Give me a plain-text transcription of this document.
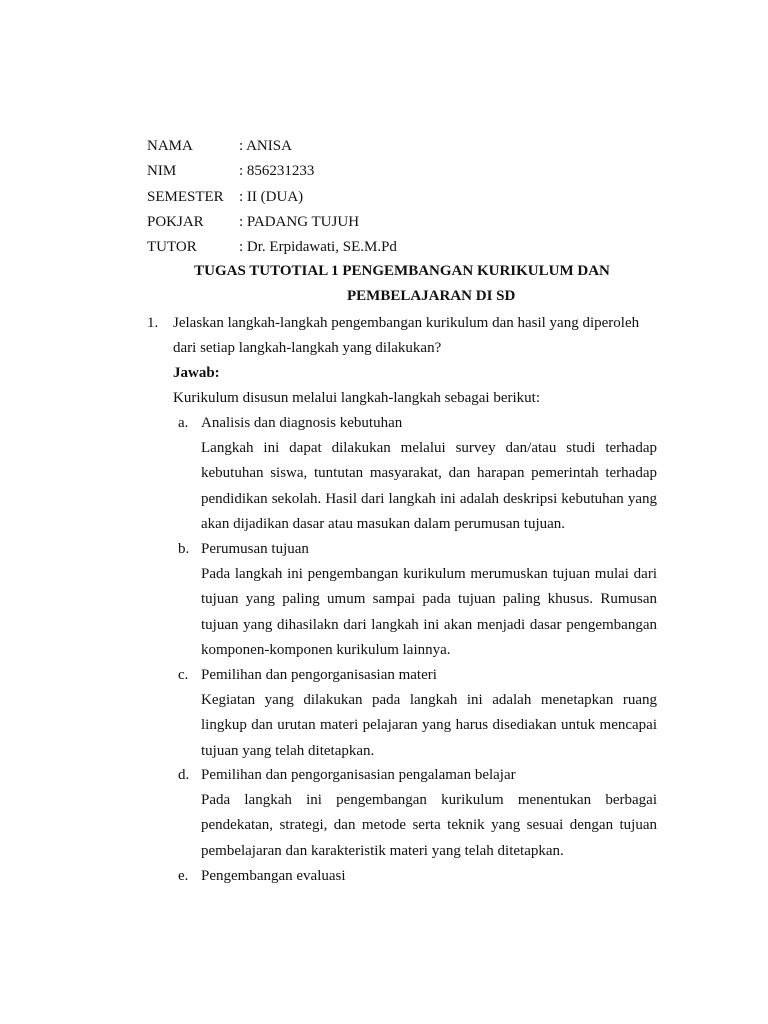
NAMA	: ANISA
NIM	: 856231233
SEMESTER	: II (DUA)
POKJAR	: PADANG TUJUH
TUTOR	: Dr. Erpidawati, SE.M.Pd
TUGAS TUTOTIAL 1 PENGEMBANGAN KURIKULUM DAN
PEMBELAJARAN DI SD
1. Jelaskan langkah-langkah pengembangan kurikulum dan hasil yang diperoleh dari setiap langkah-langkah yang dilakukan?
Jawab:
Kurikulum disusun melalui langkah-langkah sebagai berikut:
a. Analisis dan diagnosis kebutuhan
Langkah ini dapat dilakukan melalui survey dan/atau studi terhadap kebutuhan siswa, tuntutan masyarakat, dan harapan pemerintah terhadap pendidikan sekolah. Hasil dari langkah ini adalah deskripsi kebutuhan yang akan dijadikan dasar atau masukan dalam perumusan tujuan.
b. Perumusan tujuan
Pada langkah ini pengembangan kurikulum merumuskan tujuan mulai dari tujuan yang paling umum sampai pada tujuan paling khusus. Rumusan tujuan yang dihasilakn dari langkah ini akan menjadi dasar pengembangan komponen-komponen kurikulum lainnya.
c. Pemilihan dan pengorganisasian materi
Kegiatan yang dilakukan pada langkah ini adalah menetapkan ruang lingkup dan urutan materi pelajaran yang harus disediakan untuk mencapai tujuan yang telah ditetapkan.
d. Pemilihan dan pengorganisasian pengalaman belajar
Pada langkah ini pengembangan kurikulum menentukan berbagai pendekatan, strategi, dan metode serta teknik yang sesuai dengan tujuan pembelajaran dan karakteristik materi yang telah ditetapkan.
e. Pengembangan evaluasi
